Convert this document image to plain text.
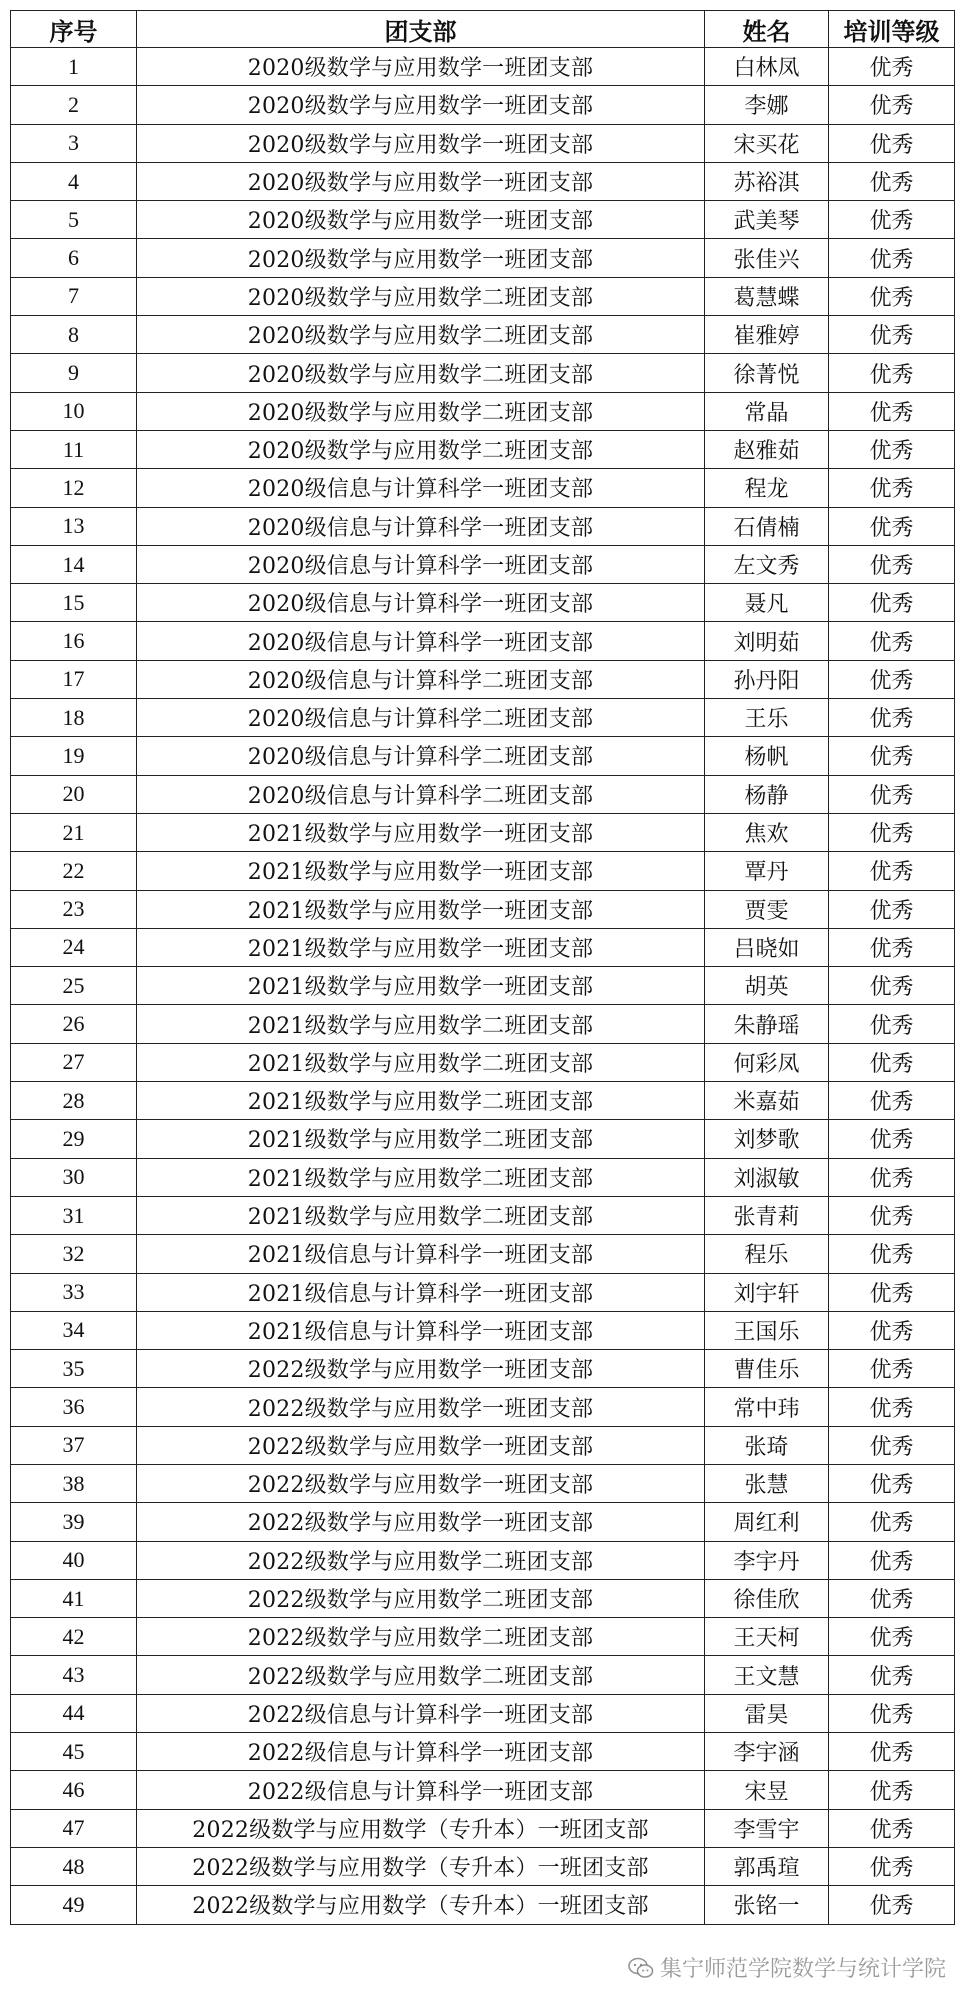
序号	团支部	姓名	培训等级
1	2020级数学与应用数学一班团支部	白林凤	优秀
2	2020级数学与应用数学一班团支部	李娜	优秀
3	2020级数学与应用数学一班团支部	宋买花	优秀
4	2020级数学与应用数学一班团支部	苏裕淇	优秀
5	2020级数学与应用数学一班团支部	武美琴	优秀
6	2020级数学与应用数学一班团支部	张佳兴	优秀
7	2020级数学与应用数学二班团支部	葛慧蝶	优秀
8	2020级数学与应用数学二班团支部	崔雅婷	优秀
9	2020级数学与应用数学二班团支部	徐菁悦	优秀
10	2020级数学与应用数学二班团支部	常晶	优秀
11	2020级数学与应用数学二班团支部	赵雅茹	优秀
12	2020级信息与计算科学一班团支部	程龙	优秀
13	2020级信息与计算科学一班团支部	石倩楠	优秀
14	2020级信息与计算科学一班团支部	左文秀	优秀
15	2020级信息与计算科学一班团支部	聂凡	优秀
16	2020级信息与计算科学一班团支部	刘明茹	优秀
17	2020级信息与计算科学二班团支部	孙丹阳	优秀
18	2020级信息与计算科学二班团支部	王乐	优秀
19	2020级信息与计算科学二班团支部	杨帆	优秀
20	2020级信息与计算科学二班团支部	杨静	优秀
21	2021级数学与应用数学一班团支部	焦欢	优秀
22	2021级数学与应用数学一班团支部	覃丹	优秀
23	2021级数学与应用数学一班团支部	贾雯	优秀
24	2021级数学与应用数学一班团支部	吕晓如	优秀
25	2021级数学与应用数学一班团支部	胡英	优秀
26	2021级数学与应用数学二班团支部	朱静瑶	优秀
27	2021级数学与应用数学二班团支部	何彩凤	优秀
28	2021级数学与应用数学二班团支部	米嘉茹	优秀
29	2021级数学与应用数学二班团支部	刘梦歌	优秀
30	2021级数学与应用数学二班团支部	刘淑敏	优秀
31	2021级数学与应用数学二班团支部	张青莉	优秀
32	2021级信息与计算科学一班团支部	程乐	优秀
33	2021级信息与计算科学一班团支部	刘宇轩	优秀
34	2021级信息与计算科学一班团支部	王国乐	优秀
35	2022级数学与应用数学一班团支部	曹佳乐	优秀
36	2022级数学与应用数学一班团支部	常中玮	优秀
37	2022级数学与应用数学一班团支部	张琦	优秀
38	2022级数学与应用数学一班团支部	张慧	优秀
39	2022级数学与应用数学一班团支部	周红利	优秀
40	2022级数学与应用数学二班团支部	李宇丹	优秀
41	2022级数学与应用数学二班团支部	徐佳欣	优秀
42	2022级数学与应用数学二班团支部	王天柯	优秀
43	2022级数学与应用数学二班团支部	王文慧	优秀
44	2022级信息与计算科学一班团支部	雷昊	优秀
45	2022级信息与计算科学一班团支部	李宇涵	优秀
46	2022级信息与计算科学一班团支部	宋昱	优秀
47	2022级数学与应用数学（专升本）一班团支部	李雪宇	优秀
48	2022级数学与应用数学（专升本）一班团支部	郭禹瑄	优秀
49	2022级数学与应用数学（专升本）一班团支部	张铭一	优秀
集宁师范学院数学与统计学院
